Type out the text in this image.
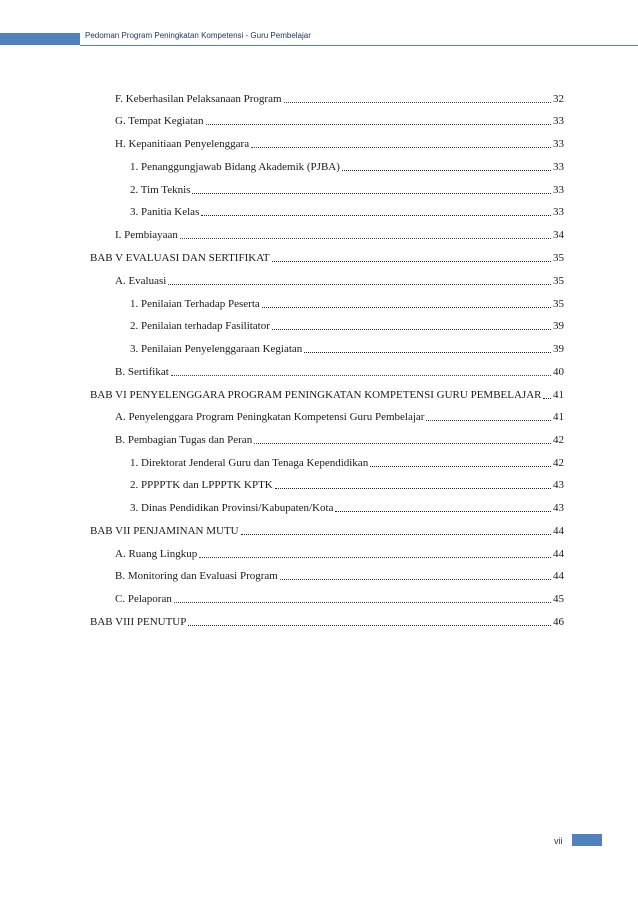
Pedoman Program Peningkatan Kompetensi - Guru Pembelajar
F. Keberhasilan Pelaksanaan Program	32
G. Tempat Kegiatan	33
H. Kepanitiaan Penyelenggara	33
1. Penanggungjawab Bidang Akademik (PJBA)	33
2. Tim Teknis	33
3. Panitia Kelas	33
I. Pembiayaan	34
BAB V EVALUASI DAN SERTIFIKAT	35
A. Evaluasi	35
1. Penilaian Terhadap Peserta	35
2. Penilaian terhadap Fasilitator	39
3. Penilaian Penyelenggaraan Kegiatan	39
B. Sertifikat	40
BAB VI PENYELENGGARA PROGRAM PENINGKATAN KOMPETENSI GURU PEMBELAJAR 41
A. Penyelenggara Program Peningkatan Kompetensi Guru Pembelajar	41
B. Pembagian Tugas dan Peran	42
1. Direktorat Jenderal Guru dan Tenaga Kependidikan	42
2. PPPPTK dan LPPPTK KPTK	43
3. Dinas Pendidikan Provinsi/Kabupaten/Kota	43
BAB VII PENJAMINAN MUTU	44
A. Ruang Lingkup	44
B. Monitoring dan Evaluasi Program	44
C. Pelaporan	45
BAB VIII PENUTUP	46
vii
